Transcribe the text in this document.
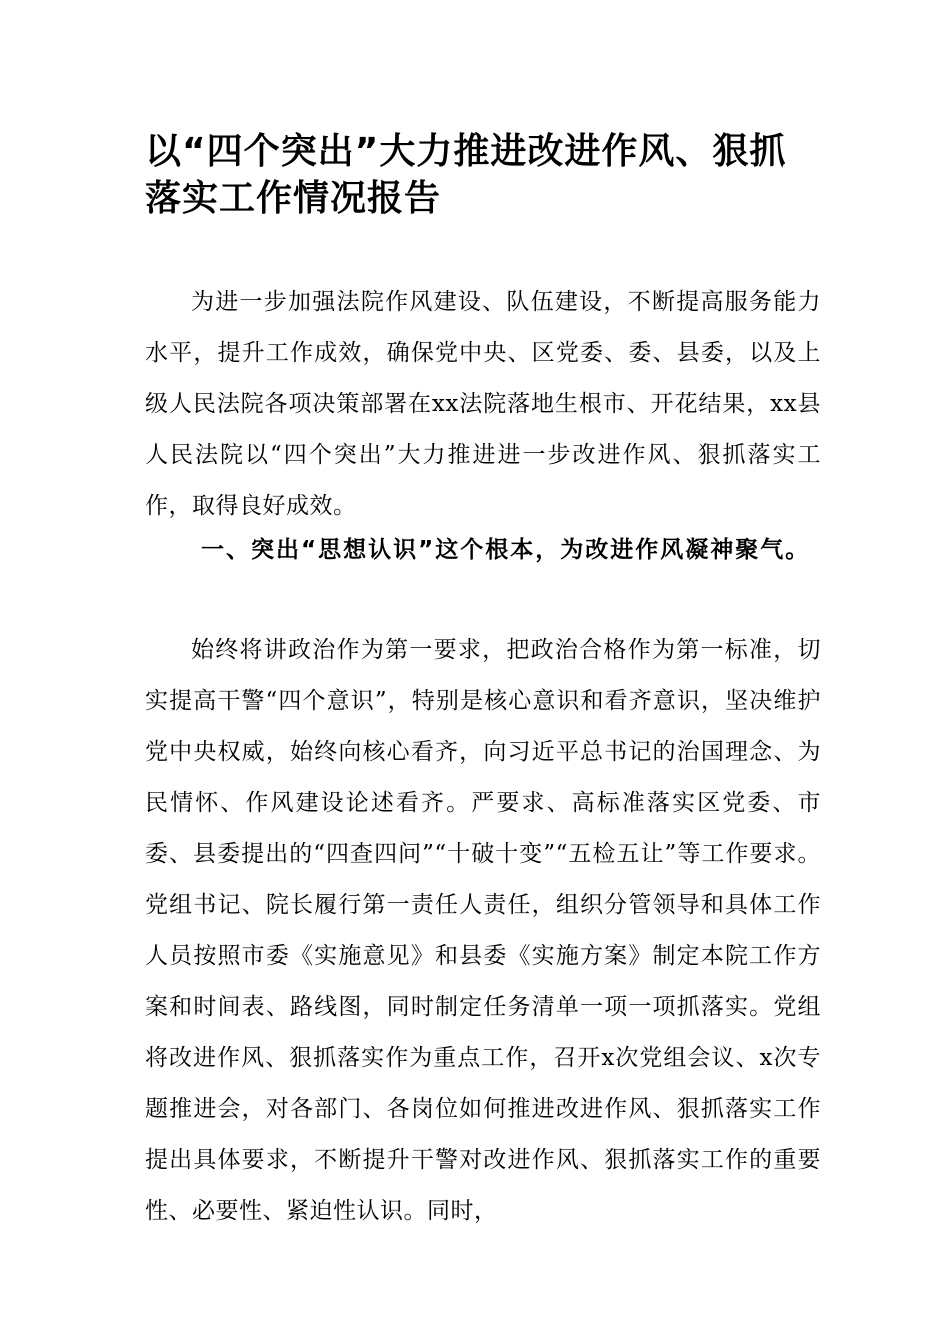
以“四个突出”大力推进改进作风、狠抓落实工作情况报告

为进一步加强法院作风建设、队伍建设，不断提高服务能力水平，提升工作成效，确保党中央、区党委、委、县委，以及上级人民法院各项决策部署在xx法院落地生根市、开花结果，xx县人民法院以“四个突出”大力推进进一步改进作风、狠抓落实工作，取得良好成效。

一、突出“思想认识”这个根本，为改进作风凝神聚气。

始终将讲政治作为第一要求，把政治合格作为第一标准，切实提高干警“四个意识”，特别是核心意识和看齐意识，坚决维护党中央权威，始终向核心看齐，向习近平总书记的治国理念、为民情怀、作风建设论述看齐。严要求、高标准落实区党委、市委、县委提出的“四查四问”“十破十变”“五检五让”等工作要求。党组书记、院长履行第一责任人责任，组织分管领导和具体工作人员按照市委《实施意见》和县委《实施方案》制定本院工作方案和时间表、路线图，同时制定任务清单一项一项抓落实。党组将改进作风、狠抓落实作为重点工作，召开x次党组会议、x次专题推进会，对各部门、各岗位如何推进改进作风、狠抓落实工作提出具体要求，不断提升干警对改进作风、狠抓落实工作的重要性、必要性、紧迫性认识。同时，
